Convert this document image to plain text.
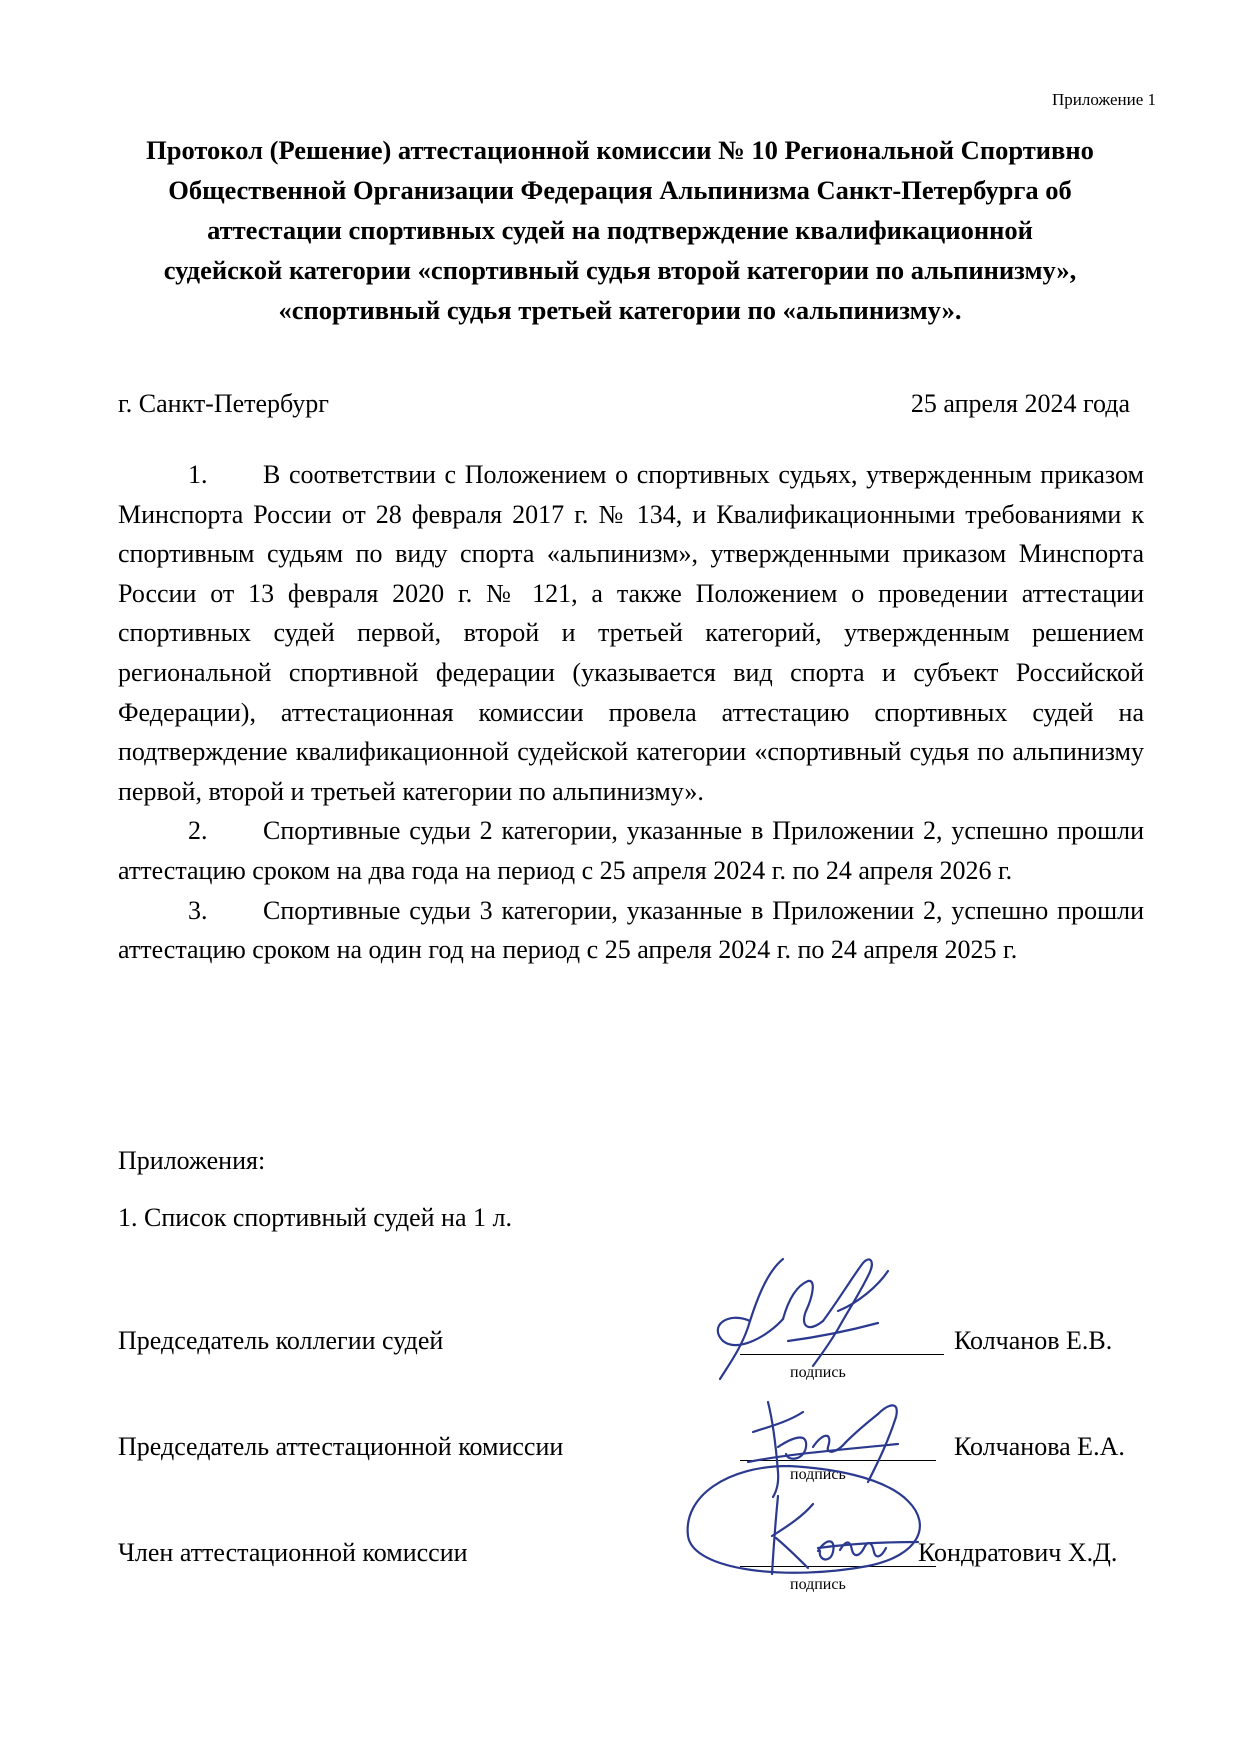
Приложение 1
Протокол (Решение) аттестационной комиссии № 10 Региональной Спортивно Общественной Организации Федерация Альпинизма Санкт-Петербурга об аттестации спортивных судей на подтверждение квалификационной судейской категории «спортивный судья второй категории по альпинизму», «спортивный судья третьей категории по «альпинизму».
г. Санкт-Петербург	25 апреля 2024 года

1. В соответствии с Положением о спортивных судьях, утвержденным приказом Минспорта России от 28 февраля 2017 г. № 134, и Квалификационными требованиями к спортивным судьям по виду спорта «альпинизм», утвержденными приказом Минспорта России от 13 февраля 2020 г. № 121, а также Положением о проведении аттестации спортивных судей первой, второй и третьей категорий, утвержденным решением региональной спортивной федерации (указывается вид спорта и субъект Российской Федерации), аттестационная комиссии провела аттестацию спортивных судей на подтверждение квалификационной судейской категории «спортивный судья по альпинизму первой, второй и третьей категории по альпинизму».

2. Спортивные судьи 2 категории, указанные в Приложении 2, успешно прошли аттестацию сроком на два года на период с 25 апреля 2024 г. по 24 апреля 2026 г.

3. Спортивные судьи 3 категории, указанные в Приложении 2, успешно прошли аттестацию сроком на один год на период с 25 апреля 2024 г. по 24 апреля 2025 г.

Приложения:
1. Список спортивный судей на 1 л.
Председатель коллегии судей
подпись
Колчанов Е.В.
Председатель аттестационной комиссии
подпись
Колчанова Е.А.
Член аттестационной комиссии
подпись
Кондратович Х.Д.
